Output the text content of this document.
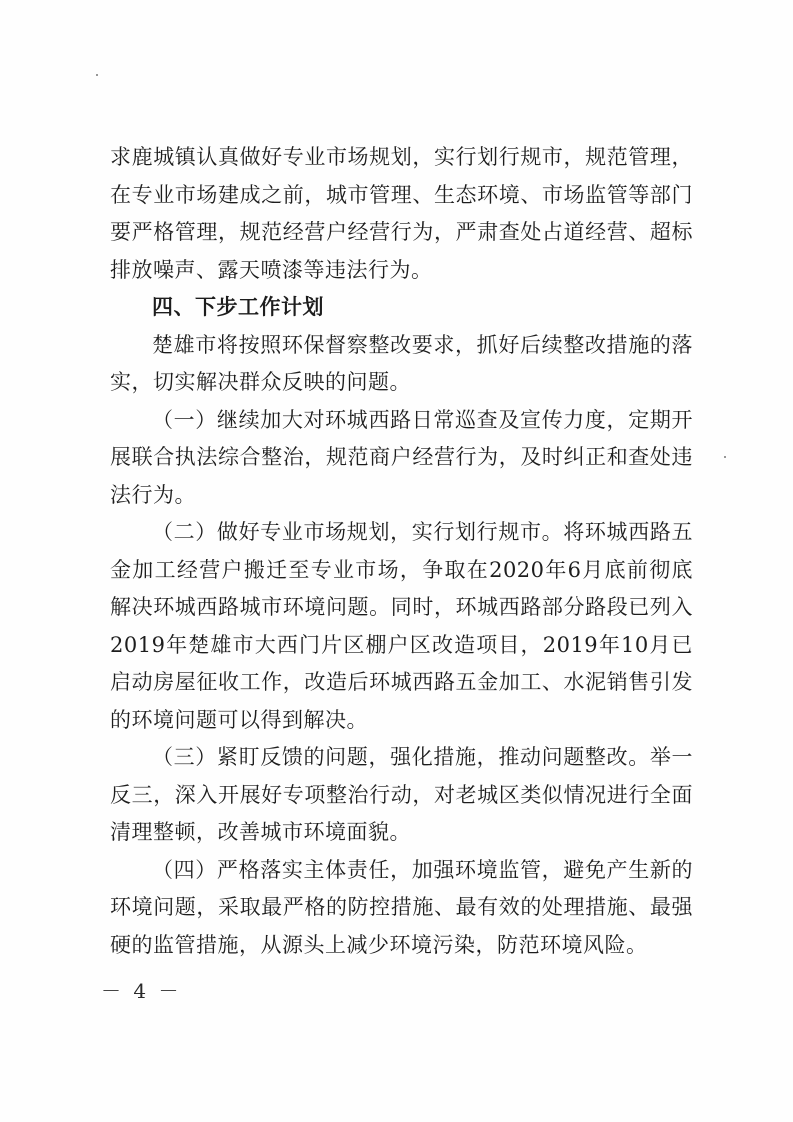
求鹿城镇认真做好专业市场规划，实行划行规市，规范管理，在专业市场建成之前，城市管理、生态环境、市场监管等部门要严格管理，规范经营户经营行为，严肃查处占道经营、超标排放噪声、露天喷漆等违法行为。

四、下步工作计划

楚雄市将按照环保督察整改要求，抓好后续整改措施的落实，切实解决群众反映的问题。

（一）继续加大对环城西路日常巡查及宣传力度，定期开展联合执法综合整治，规范商户经营行为，及时纠正和查处违法行为。

（二）做好专业市场规划，实行划行规市。将环城西路五金加工经营户搬迁至专业市场，争取在2020年6月底前彻底解决环城西路城市环境问题。同时，环城西路部分路段已列入2019年楚雄市大西门片区棚户区改造项目，2019年10月已启动房屋征收工作，改造后环城西路五金加工、水泥销售引发的环境问题可以得到解决。

（三）紧盯反馈的问题，强化措施，推动问题整改。举一反三，深入开展好专项整治行动，对老城区类似情况进行全面清理整顿，改善城市环境面貌。

（四）严格落实主体责任，加强环境监管，避免产生新的环境问题，采取最严格的防控措施、最有效的处理措施、最强硬的监管措施，从源头上减少环境污染，防范环境风险。

－ 4 －
